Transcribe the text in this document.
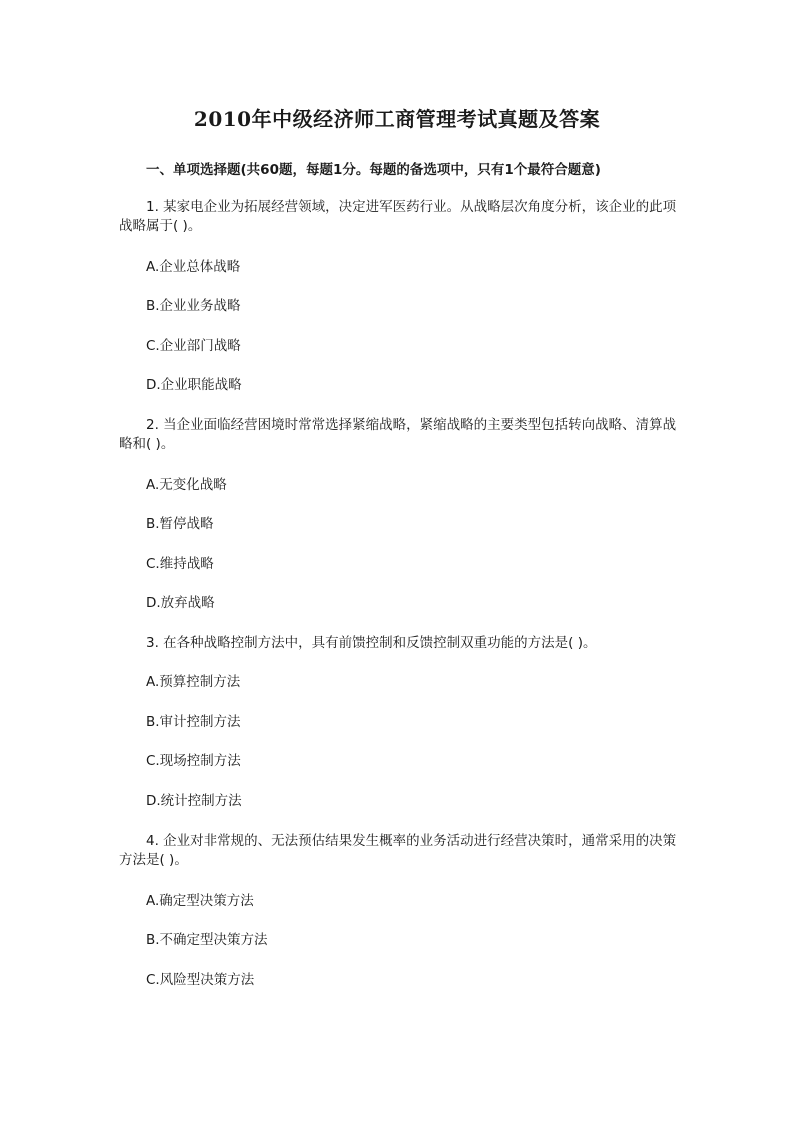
2010年中级经济师工商管理考试真题及答案

一、单项选择题(共60题，每题1分。每题的备选项中，只有1个最符合题意)

1. 某家电企业为拓展经营领域，决定进军医药行业。从战略层次角度分析，该企业的此项战略属于( )。

A.企业总体战略

B.企业业务战略

C.企业部门战略

D.企业职能战略

2. 当企业面临经营困境时常常选择紧缩战略，紧缩战略的主要类型包括转向战略、清算战略和( )。

A.无变化战略

B.暂停战略

C.维持战略

D.放弃战略

3. 在各种战略控制方法中，具有前馈控制和反馈控制双重功能的方法是( )。

A.预算控制方法

B.审计控制方法

C.现场控制方法

D.统计控制方法

4. 企业对非常规的、无法预估结果发生概率的业务活动进行经营决策时，通常采用的决策方法是( )。

A.确定型决策方法

B.不确定型决策方法

C.风险型决策方法
